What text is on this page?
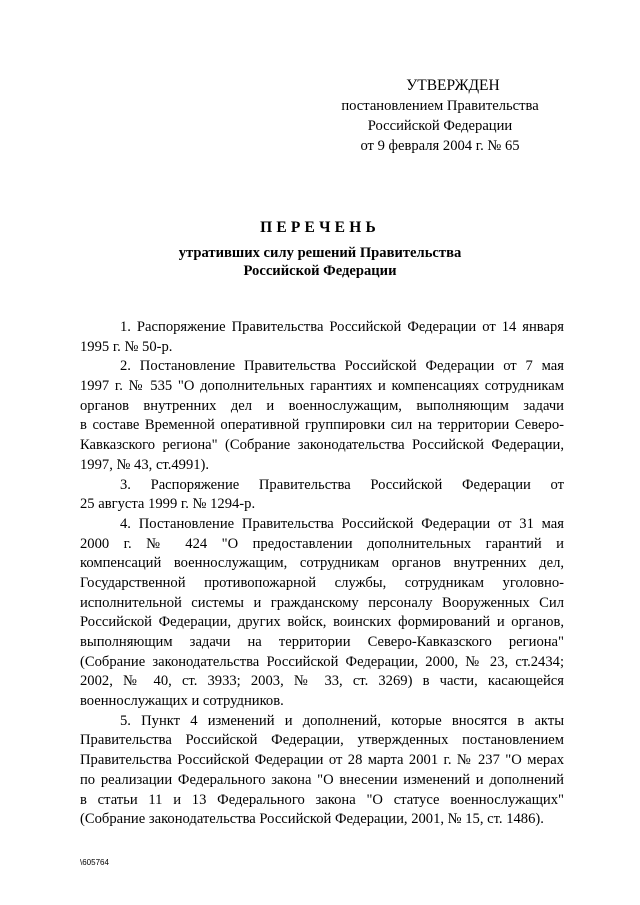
УТВЕРЖДЕН
постановлением Правительства
Российской Федерации
от 9 февраля 2004 г. № 65
ПЕРЕЧЕНЬ
утративших силу решений Правительства
Российской Федерации
1. Распоряжение Правительства Российской Федерации от 14 января
1995 г. № 50-р.
2. Постановление Правительства Российской Федерации от 7 мая
1997 г. № 535 "О дополнительных гарантиях и компенсациях сотрудникам
органов внутренних дел и военнослужащим, выполняющим задачи
в составе Временной оперативной группировки сил на территории Северо-
Кавказского региона" (Собрание законодательства Российской Федерации,
1997, № 43, ст.4991).
3. Распоряжение Правительства Российской Федерации от
25 августа 1999 г. № 1294-р.
4. Постановление Правительства Российской Федерации от 31 мая
2000 г. № 424 "О предоставлении дополнительных гарантий и
компенсаций военнослужащим, сотрудникам органов внутренних дел,
Государственной противопожарной службы, сотрудникам уголовно-
исполнительной системы и гражданскому персоналу Вооруженных Сил
Российской Федерации, других войск, воинских формирований и органов,
выполняющим задачи на территории Северо-Кавказского региона"
(Собрание законодательства Российской Федерации, 2000, № 23, ст.2434;
2002, № 40, ст. 3933; 2003, № 33, ст. 3269) в части, касающейся
военнослужащих и сотрудников.
5. Пункт 4 изменений и дополнений, которые вносятся в акты
Правительства Российской Федерации, утвержденных постановлением
Правительства Российской Федерации от 28 марта 2001 г. № 237 "О мерах
по реализации Федерального закона "О внесении изменений и дополнений
в статьи 11 и 13 Федерального закона "О статусе военнослужащих"
(Собрание законодательства Российской Федерации, 2001, № 15, ст. 1486).
\605764
